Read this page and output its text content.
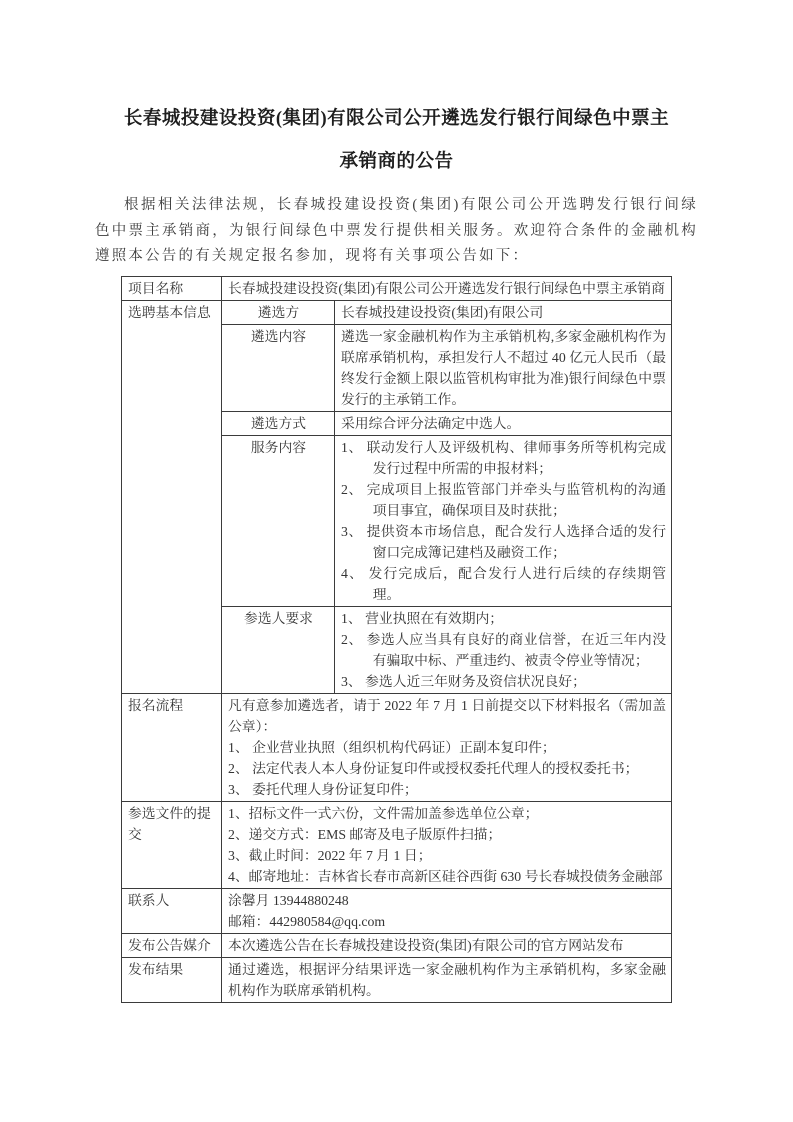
长春城投建设投资(集团)有限公司公开遴选发行银行间绿色中票主
承销商的公告

根据相关法律法规，长春城投建设投资(集团)有限公司公开选聘发行银行间绿色中票主承销商，为银行间绿色中票发行提供相关服务。欢迎符合条件的金融机构遵照本公告的有关规定报名参加，现将有关事项公告如下：

项目名称	长春城投建设投资(集团)有限公司公开遴选发行银行间绿色中票主承销商	
选聘基本信息	遴选方	长春城投建设投资(集团)有限公司
	遴选内容	遴选一家金融机构作为主承销机构,多家金融机构作为联席承销机构，承担发行人不超过 40 亿元人民币（最终发行金额上限以监管机构审批为准)银行间绿色中票发行的主承销工作。
	遴选方式	采用综合评分法确定中选人。
	服务内容	1、 联动发行人及评级机构、律师事务所等机构完成发行过程中所需的申报材料；
2、 完成项目上报监管部门并牵头与监管机构的沟通项目事宜，确保项目及时获批；
3、 提供资本市场信息，配合发行人选择合适的发行窗口完成簿记建档及融资工作；
4、 发行完成后，配合发行人进行后续的存续期管理。

	参选人要求	1、 营业执照在有效期内；
2、 参选人应当具有良好的商业信誉，在近三年内没有骗取中标、严重违约、被责令停业等情况；
3、 参选人近三年财务及资信状况良好；

报名流程	凡有意参加遴选者，请于 2022 年 7 月 1 日前提交以下材料报名（需加盖公章）：
1、 企业营业执照（组织机构代码证）正副本复印件；
2、 法定代表人本人身份证复印件或授权委托代理人的授权委托书；
3、 委托代理人身份证复印件；	

参选文件的提交	1、招标文件一式六份，文件需加盖参选单位公章；
2、递交方式：EMS 邮寄及电子版原件扫描；
3、截止时间：2022 年 7 月 1 日；
4、邮寄地址：吉林省长春市高新区硅谷西街 630 号长春城投债务金融部	

联系人	涂馨月 13944880248
邮箱：442980584@qq.com	

发布公告媒介	本次遴选公告在长春城投建设投资(集团)有限公司的官方网站发布	
发布结果	通过遴选，根据评分结果评选一家金融机构作为主承销机构，多家金融机构作为联席承销机构。	
